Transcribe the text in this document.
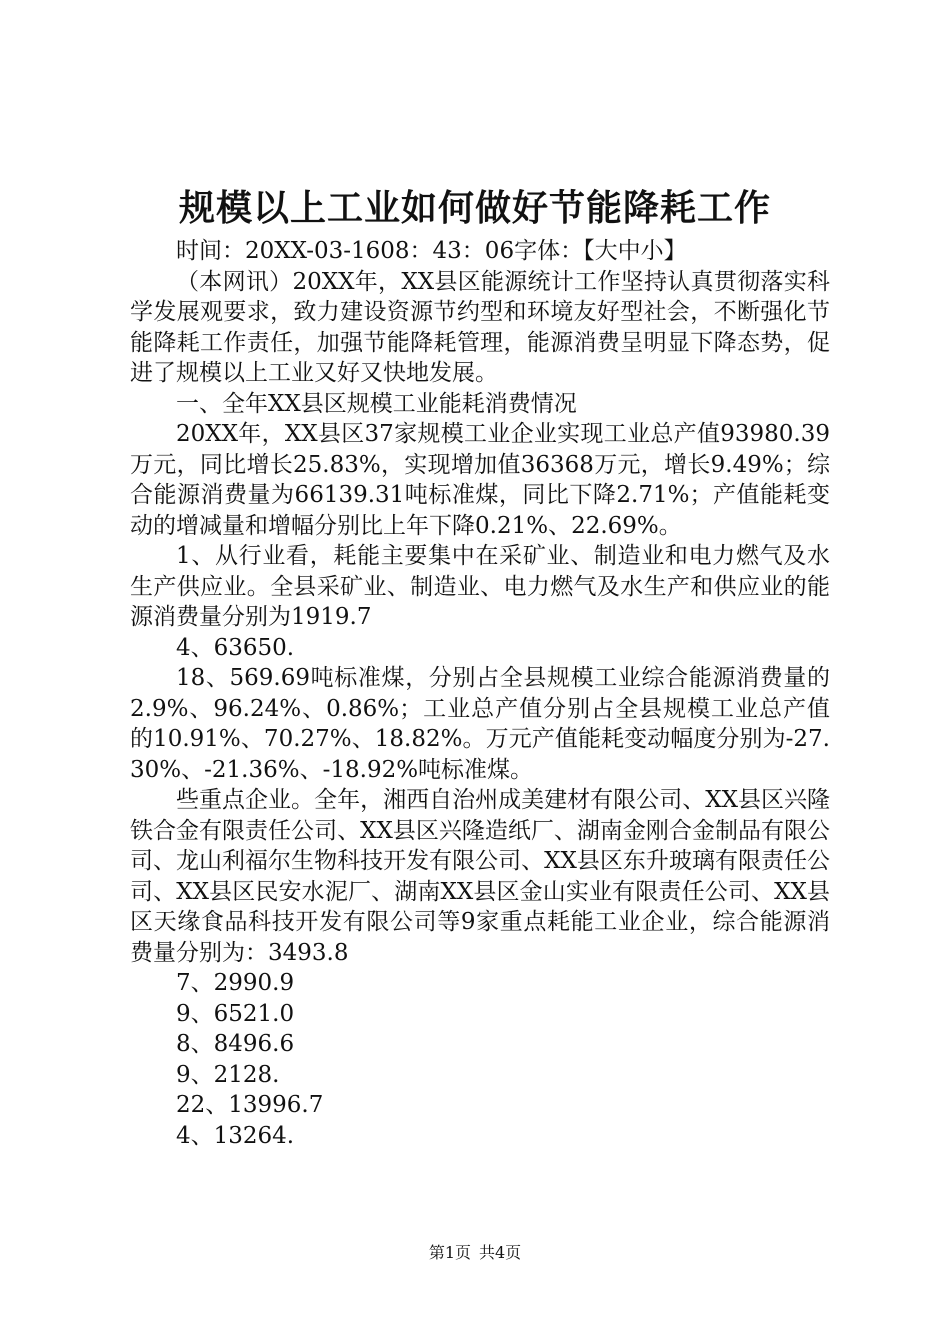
规模以上工业如何做好节能降耗工作

时间：20XX-03-1608：43：06字体：【大中小】

（本网讯）20XX年，XX县区能源统计工作坚持认真贯彻落实科学发展观要求，致力建设资源节约型和环境友好型社会，不断强化节能降耗工作责任，加强节能降耗管理，能源消费呈明显下降态势，促进了规模以上工业又好又快地发展。

一、全年XX县区规模工业能耗消费情况

20XX年，XX县区37家规模工业企业实现工业总产值93980.39万元，同比增长25.83%，实现增加值36368万元，增长9.49%；综合能源消费量为66139.31吨标准煤，同比下降2.71%；产值能耗变动的增减量和增幅分别比上年下降0.21%、22.69%。

1、从行业看，耗能主要集中在采矿业、制造业和电力燃气及水生产供应业。全县采矿业、制造业、电力燃气及水生产和供应业的能源消费量分别为1919.7

4、63650.

18、569.69吨标准煤，分别占全县规模工业综合能源消费量的2.9%、96.24%、0.86%；工业总产值分别占全县规模工业总产值的10.91%、70.27%、18.82%。万元产值能耗变动幅度分别为-27.30%、-21.36%、-18.92%吨标准煤。

些重点企业。全年，湘西自治州成美建材有限公司、XX县区兴隆铁合金有限责任公司、XX县区兴隆造纸厂、湖南金刚合金制品有限公司、龙山利福尔生物科技开发有限公司、XX县区东升玻璃有限责任公司、XX县区民安水泥厂、湖南XX县区金山实业有限责任公司、XX县区天缘食品科技开发有限公司等9家重点耗能工业企业，综合能源消费量分别为：3493.8

7、2990.9

9、6521.0

8、8496.6

9、2128.

22、13996.7

4、13264.

第1页 共4页
